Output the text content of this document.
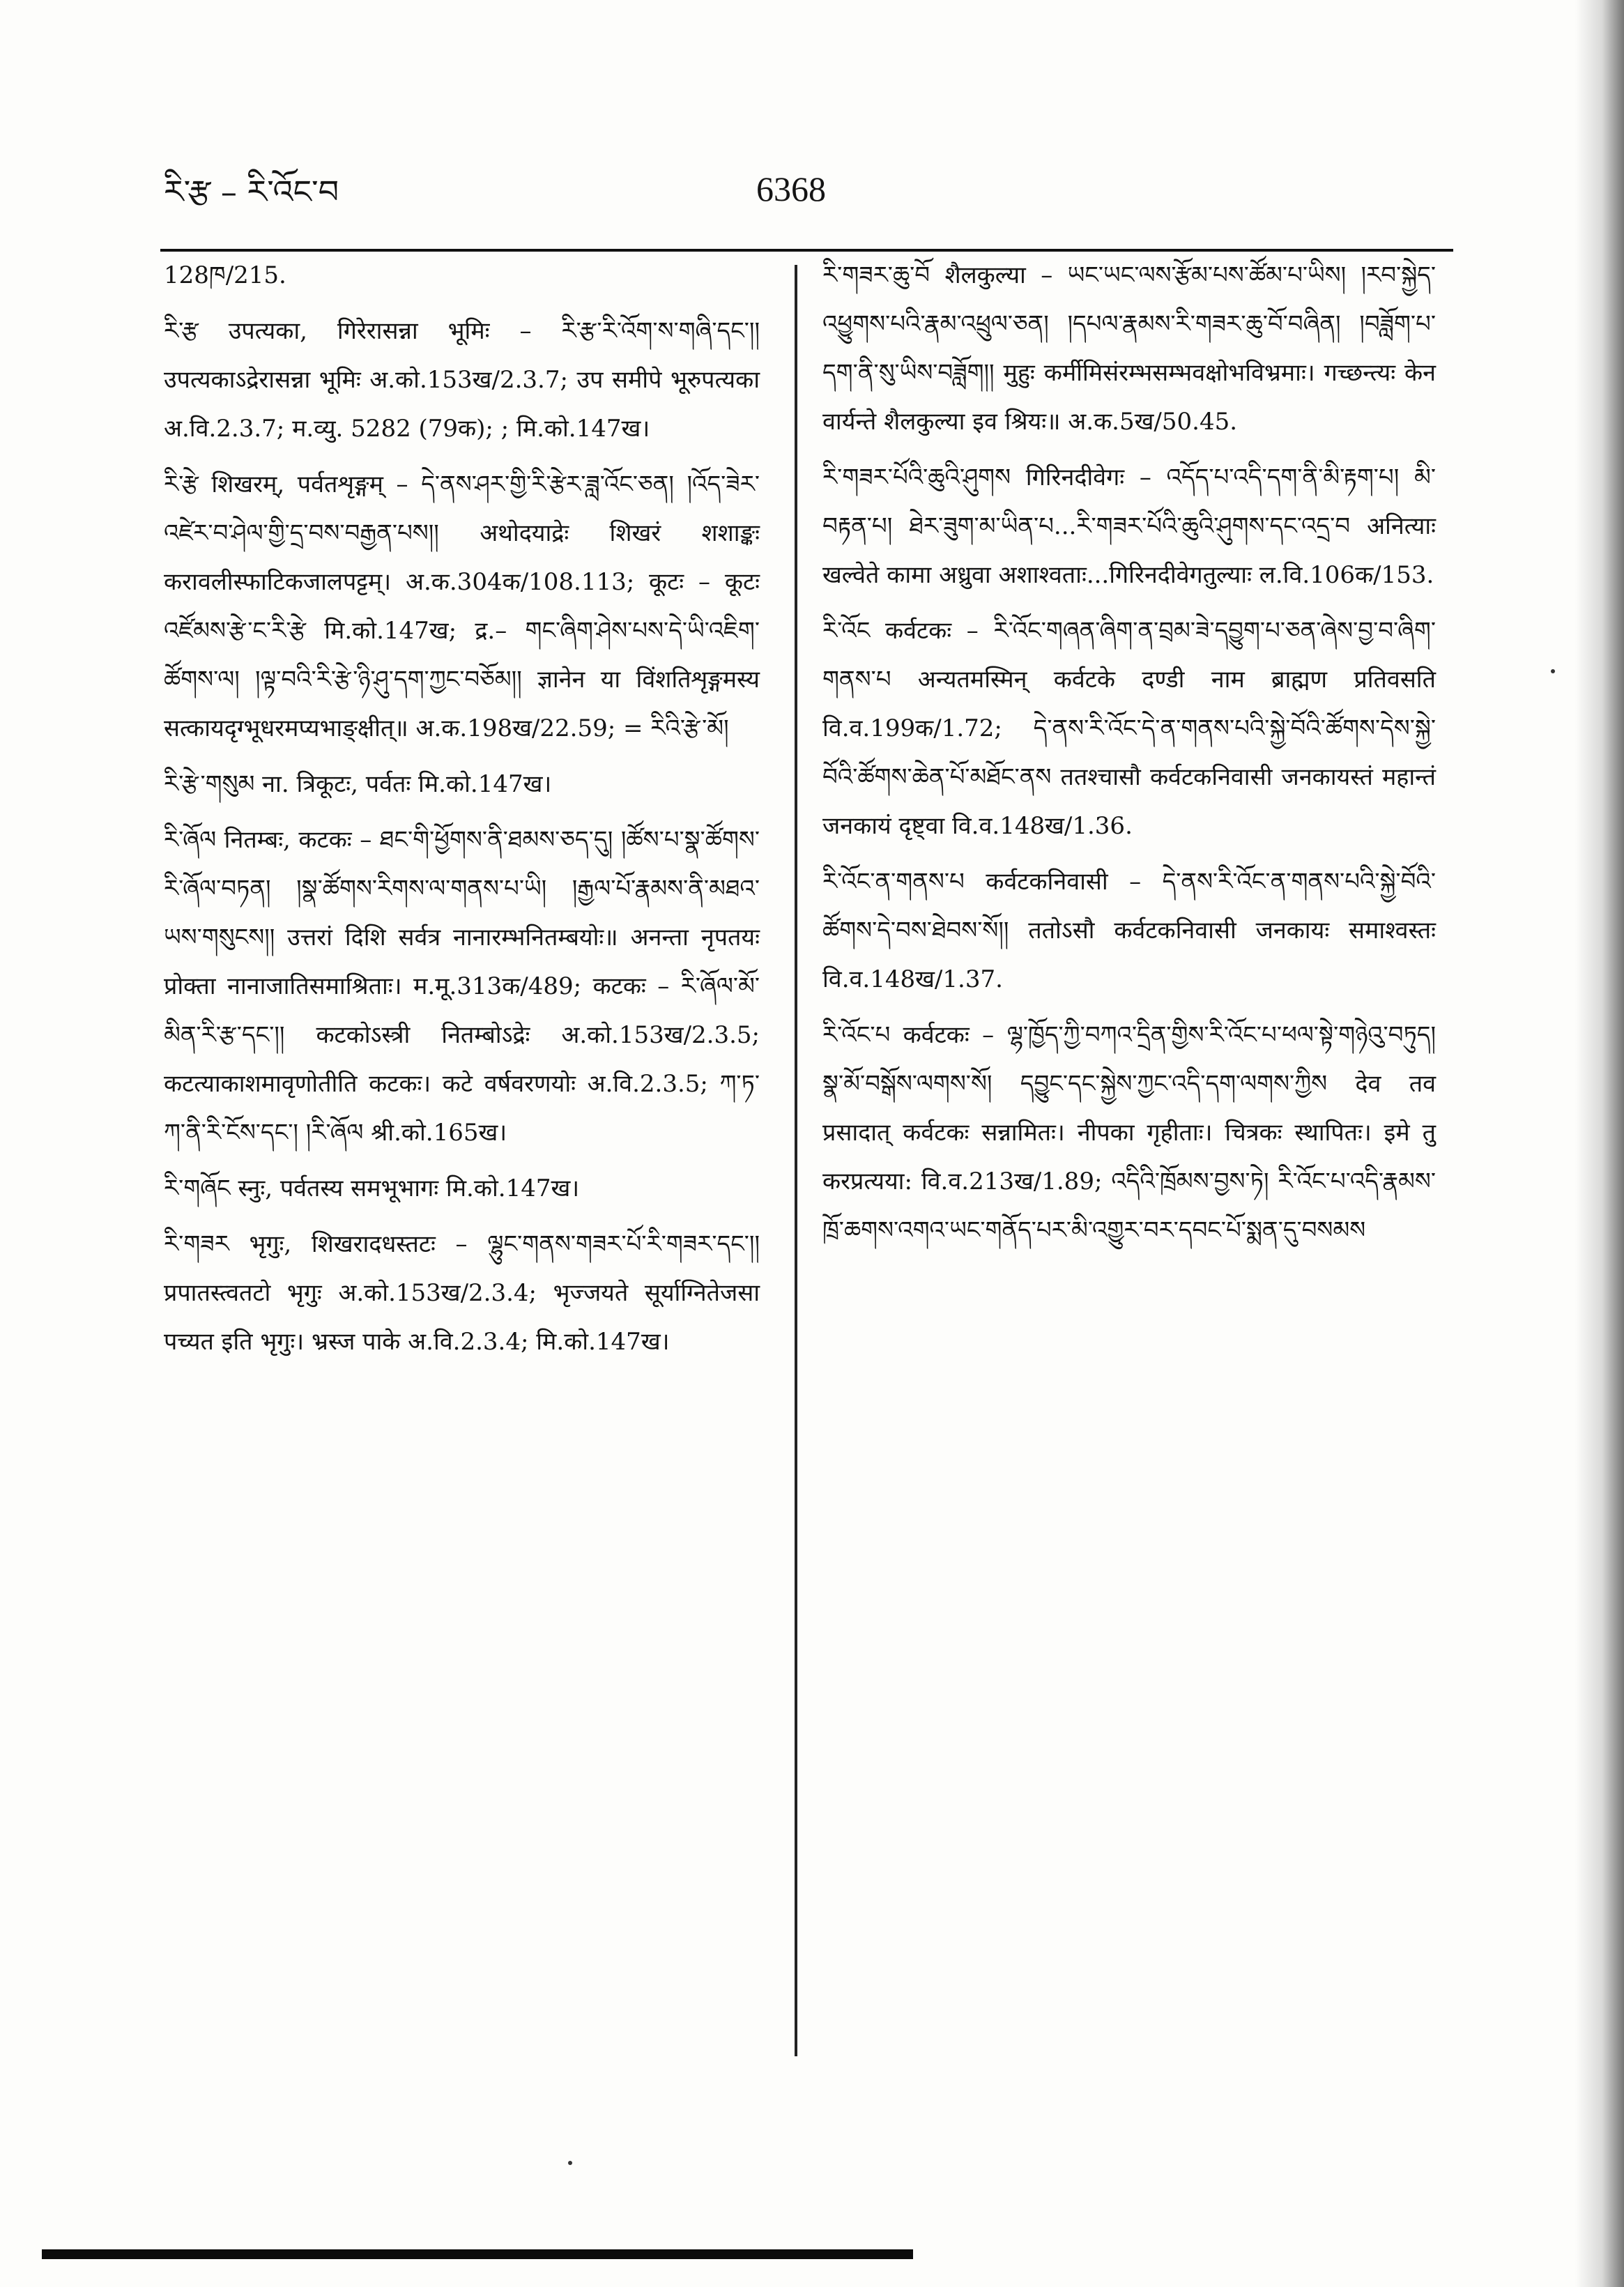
རི་རྩ – རི་འོང་བ	6368

128ཁ/215.

རི་རྩ उपत्यका, गिरेरासन्ना भूमिः – རི་རྩ་རི་འོག་ས་གཞི་དང་།། उपत्यकाऽद्रेरासन्ना भूमिः अ.को.153ख/2.3.7; उप समीपे भूरुपत्यका अ.वि.2.3.7; म.व्यु. 5282 (79क); ; मि.को.147ख।

རི་རྩེ शिखरम्, पर्वतशृङ्गम् – དེ་ནས་ཤར་གྱི་རི་རྩེར་ཟླ་འོང་ཅན། །འོད་ཟེར་འཛེར་བ་ཤེལ་གྱི་དྲ་བས་བརྒྱན་པས།། अथोदयाद्रेः शिखरं शशाङ्कः करावलीस्फाटिकजालपट्टम्। अ.क.304क/108.113; कूटः – कूटः འཛོམས་རྩེ་ང་རི་རྩེ मि.को.147ख; द्र.– གང་ཞིག་ཤེས་པས་དེ་ཡི་འཇིག་ཚོགས་ལ། །ལྟ་བའི་རི་རྩེ་ཉི་ཤུ་དག་ཀྱང་བཅོམ།། ज्ञानेन या विंशतिशृङ्गमस्य सत्कायदृग्भूधरमप्यभाङ्क्षीत्॥ अ.क.198ख/22.59; = རིའི་རྩེ་མོ།

རི་རྩེ་གསུམ ना. त्रिकूटः, पर्वतः मि.को.147ख।

རི་ཞོལ नितम्बः, कटकः – ཐང་གི་ཕྱོགས་ནི་ཐམས་ཅད་དུ། །ཚོས་པ་སྣ་ཚོགས་རི་ཞོལ་བཏན། །སྣ་ཚོགས་རིགས་ལ་གནས་པ་ཡི། །རྒྱལ་པོ་རྣམས་ནི་མཐའ་ཡས་གསུངས།། उत्तरां दिशि सर्वत्र नानारम्भनितम्बयोः॥ अनन्ता नृपतयः प्रोक्ता नानाजातिसमाश्रिताः। म.मू.313क/489; कटकः – རི་ཞོལ་མོ་མིན་རི་རྩ་དང་།། कटकोऽस्त्री नितम्बोऽद्रेः अ.को.153ख/2.3.5; कटत्याकाशमावृणोतीति कटकः। कटे वर्षवरणयोः अ.वि.2.3.5; ཀ་ཏ་ཀ་ནི་རི་ངོས་དང་། །རི་ཞོལ श्री.को.165ख।

རི་གཞོང स्नुः, पर्वतस्य समभूभागः मि.को.147ख।

རི་གཟར भृगुः, शिखरादधस्तटः – ལྷུང་གནས་གཟར་པོ་རི་གཟར་དང་།། प्रपातस्त्वतटो भृगुः अ.को.153ख/2.3.4; भृज्जयते सूर्याग्नितेजसा पच्यत इति भृगुः। भ्रस्ज पाके अ.वि.2.3.4; मि.को.147ख।

རི་གཟར་ཆུ་བོ शैलकुल्या – ཡང་ཡང་ལས་རྩོམ་པས་ཚོམ་པ་ཡིས། །རབ་སྐྱེད་འཕྱུགས་པའི་རྣམ་འཕྲུལ་ཅན། །དཔལ་རྣམས་རི་གཟར་ཆུ་བོ་བཞིན། །བཟློག་པ་དག་ནི་སུ་ཡིས་བཟློག།། मुहुः कर्मीमिसंरम्भसम्भवक्षोभविभ्रमाः। गच्छन्त्यः केन वार्यन्ते शैलकुल्या इव श्रियः॥ अ.क.5ख/50.45.

རི་གཟར་པོའི་ཆུའི་ཤུགས गिरिनदीवेगः – འདོད་པ་འདི་དག་ནི་མི་རྟག་པ། མི་བརྟན་པ། ཐེར་ཟུག་མ་ཡིན་པ...རི་གཟར་པོའི་ཆུའི་ཤུགས་དང་འདྲ་བ अनित्याः खल्वेते कामा अध्रुवा अशाश्वताः...गिरिनदीवेगतुल्याः ल.वि.106क/153.

རི་འོང कर्वटकः – རི་འོང་གཞན་ཞིག་ན་བྲམ་ཟེ་དབྱུག་པ་ཅན་ཞེས་བྱ་བ་ཞིག་གནས་པ अन्यतमस्मिन् कर्वटके दण्डी नाम ब्राह्मण प्रतिवसति वि.व.199क/1.72; དེ་ནས་རི་འོང་དེ་ན་གནས་པའི་སྐྱེ་བོའི་ཚོགས་དེས་སྐྱེ་བོའི་ཚོགས་ཆེན་པོ་མཐོང་ནས ततश्चासौ कर्वटकनिवासी जनकायस्तं महान्तं जनकायं दृष्ट्वा वि.व.148ख/1.36.

རི་འོང་ན་གནས་པ कर्वटकनिवासी – དེ་ནས་རི་འོང་ན་གནས་པའི་སྐྱེ་བོའི་ཚོགས་དེ་བས་ཐེབས་སོ།། ततोऽसौ कर्वटकनिवासी जनकायः समाश्वस्तः वि.व.148ख/1.37.

རི་འོང་པ कर्वटकः – ལྷ་ཁྱོད་ཀྱི་བཀའ་དྲིན་གྱིས་རི་འོང་པ་ཕལ་སྟེ་གཉེའུ་བཏུད། སྣ་མོ་བསྒོས་ལགས་སོ། དབྱུང་དང་སྐྱེས་ཀྱང་འདི་དག་ལགས་ཀྱིས देव तव प्रसादात् कर्वटकः सन्नामितः। नीपका गृहीताः। चित्रकः स्थापितः। इमे तु करप्रत्यया: वि.व.213ख/1.89; འདིའི་ཁྲོམས་བྱས་ཏེ། རི་འོང་པ་འདི་རྣམས་ཁྲོ་ཆགས་འགའ་ཡང་གནོད་པར་མི་འགྱུར་བར་དབང་པོ་སྨན་དུ་བསམས
